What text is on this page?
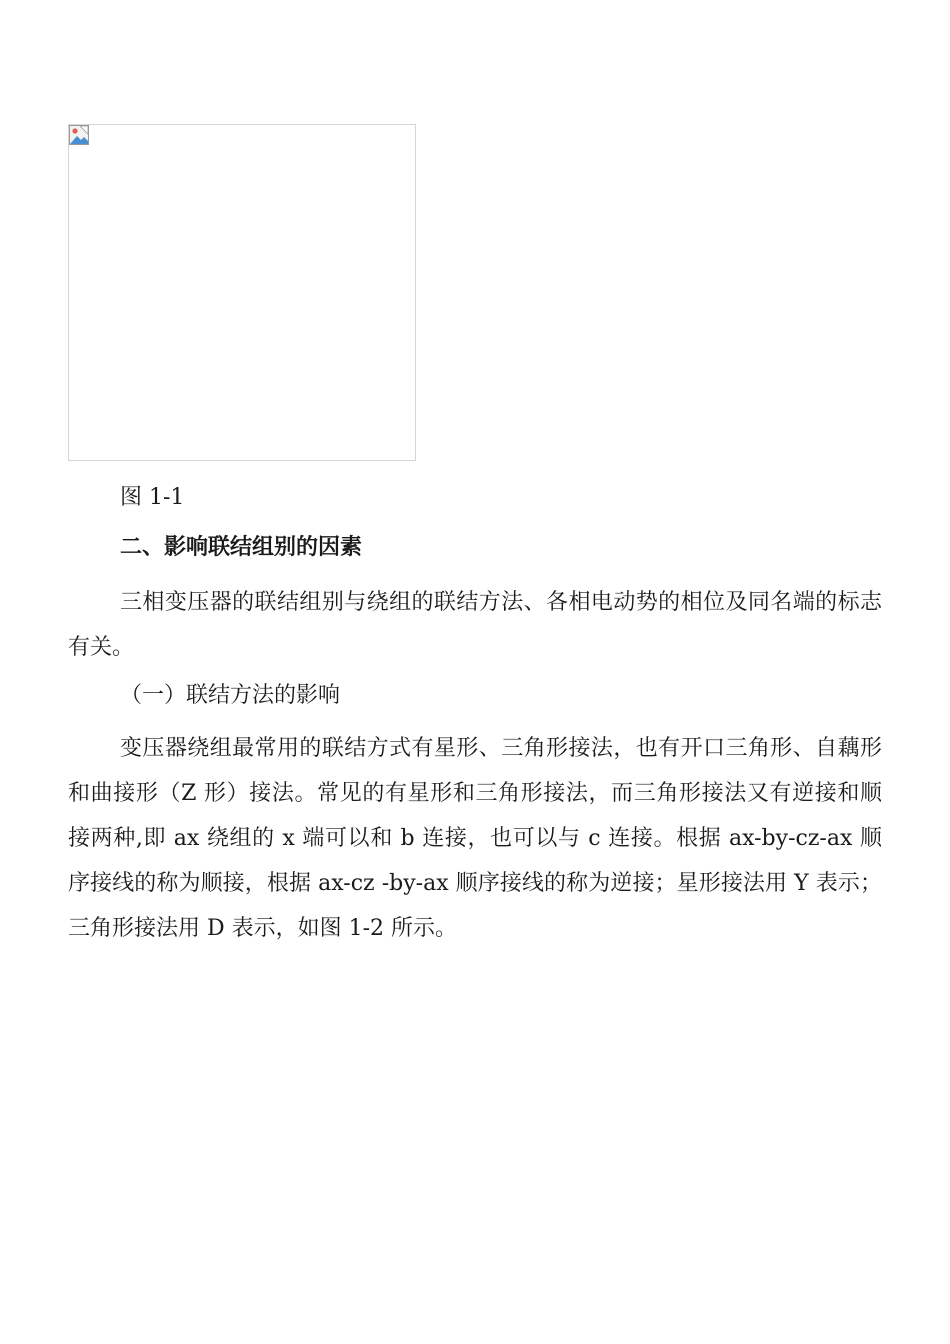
图 1-1
二、影响联结组别的因素

三相变压器的联结组别与绕组的联结方法、各相电动势的相位及同名端的标志有关。

（一）联结方法的影响

变压器绕组最常用的联结方式有星形、三角形接法，也有开口三角形、自藕形和曲接形（Z 形）接法。常见的有星形和三角形接法，而三角形接法又有逆接和顺接两种,即 ax 绕组的 x 端可以和 b 连接，也可以与 c 连接。根据 ax-by-cz-ax 顺序接线的称为顺接，根据 ax-cz -by-ax 顺序接线的称为逆接；星形接法用 Y 表示；三角形接法用 D 表示，如图 1-2 所示。
